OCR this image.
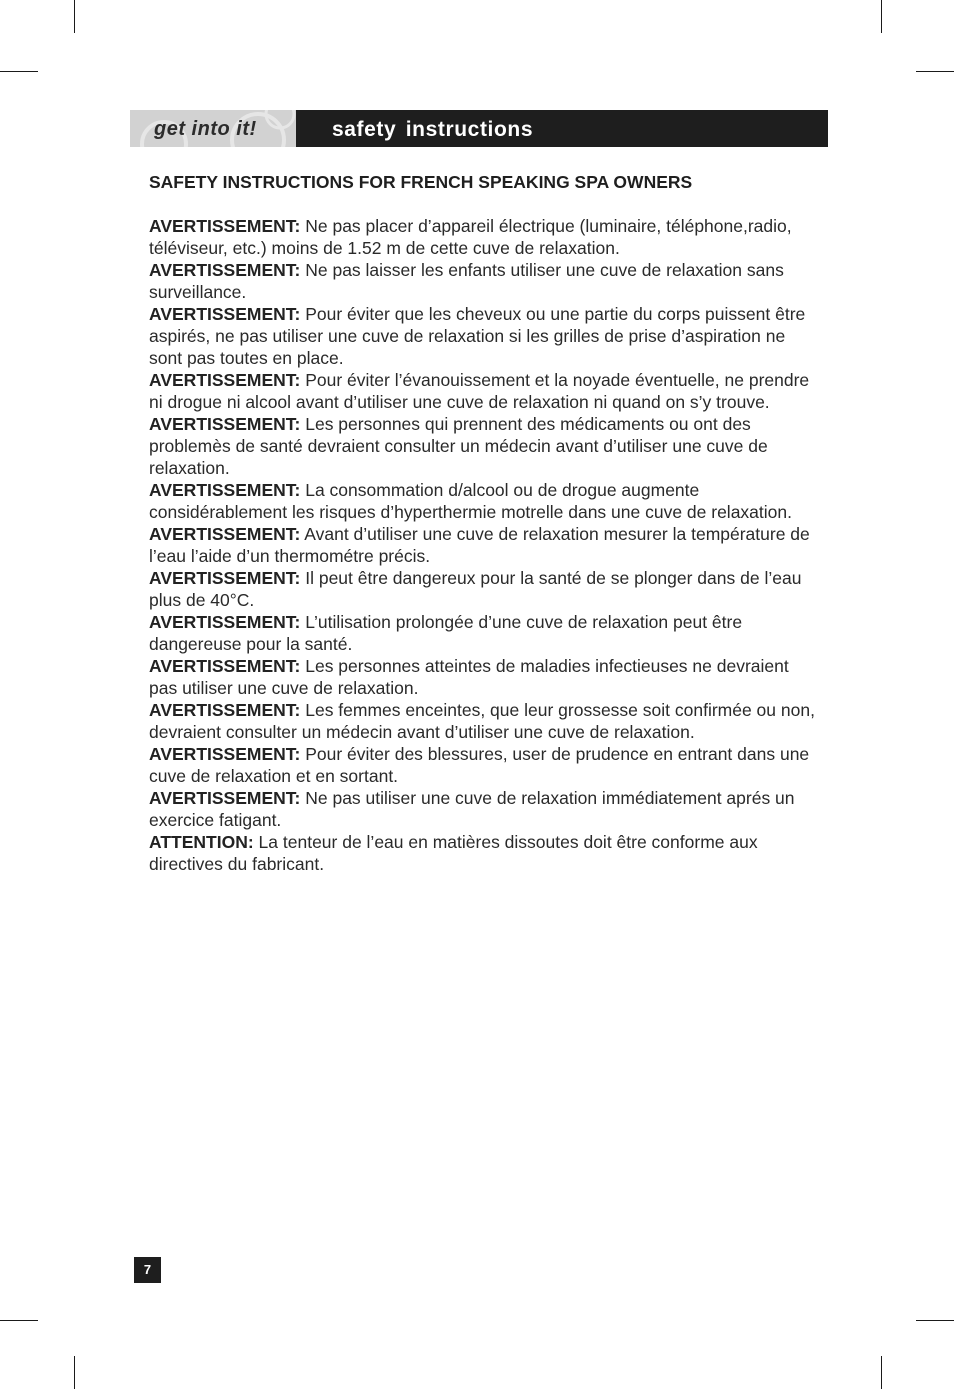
get into it!	safety instructions

SAFETY INSTRUCTIONS FOR FRENCH SPEAKING SPA OWNERS

AVERTISSEMENT: Ne pas placer d’appareil électrique (luminaire, téléphone,radio, téléviseur, etc.) moins de 1.52 m de cette cuve de relaxation.

AVERTISSEMENT: Ne pas laisser les enfants utiliser une cuve de relaxation sans surveillance.

AVERTISSEMENT: Pour éviter que les cheveux ou une partie du corps puissent être aspirés, ne pas utiliser une cuve de relaxation si les grilles de prise d’aspiration ne sont pas toutes en place.

AVERTISSEMENT: Pour éviter l’évanouissement et la noyade éventuelle, ne prendre ni drogue ni alcool avant d’utiliser une cuve de relaxation ni quand on s’y trouve.

AVERTISSEMENT: Les personnes qui prennent des médicaments ou ont des problemès de santé devraient consulter un médecin avant d’utiliser une cuve de relaxation.

AVERTISSEMENT: La consommation d/alcool ou de drogue augmente considérablement les risques d’hyperthermie motrelle dans une cuve de relaxation.

AVERTISSEMENT: Avant d’utiliser une cuve de relaxation mesurer la température de l’eau l’aide d’un thermométre précis.

AVERTISSEMENT: Il peut être dangereux pour la santé de se plonger dans de l’eau plus de 40°C.

AVERTISSEMENT: L’utilisation prolongée d’une cuve de relaxation peut être dangereuse pour la santé.

AVERTISSEMENT: Les personnes atteintes de maladies infectieuses ne devraient pas utiliser une cuve de relaxation.

AVERTISSEMENT: Les femmes enceintes, que leur grossesse soit confirmée ou non, devraient consulter un médecin avant d’utiliser une cuve de relaxation.

AVERTISSEMENT: Pour éviter des blessures, user de prudence en entrant dans une cuve de relaxation et en sortant.

AVERTISSEMENT: Ne pas utiliser une cuve de relaxation immédiatement aprés un exercice fatigant.

ATTENTION: La tenteur de l’eau en matières dissoutes doit être conforme aux directives du fabricant.

7
